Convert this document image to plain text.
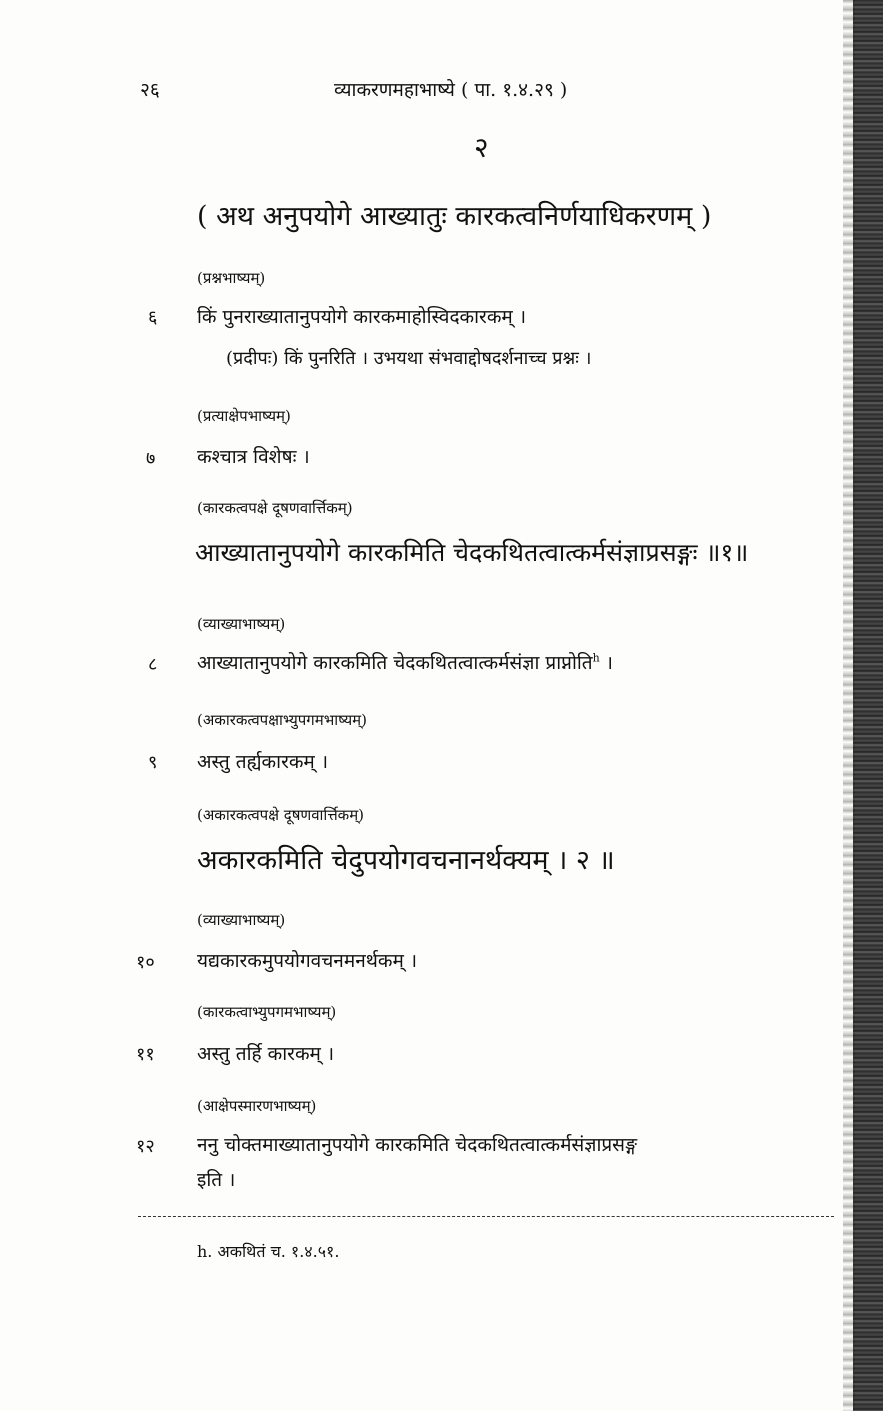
२६	व्याकरणमहाभाष्ये ( पा. १.४.२९ )
२
( अथ अनुपयोगे आख्यातुः कारकत्वनिर्णयाधिकरणम् )
(प्रश्नभाष्यम्)
६ किं पुनराख्यातानुपयोगे कारकमाहोस्विदकारकम् ।
(प्रदीपः) किं पुनरिति । उभयथा संभवाद्दोषदर्शनाच्च प्रश्नः ।
(प्रत्याक्षेपभाष्यम्)
७ कश्चात्र विशेषः ।
(कारकत्वपक्षे दूषणवार्त्तिकम्)
आख्यातानुपयोगे कारकमिति चेदकथितत्वात्कर्मसंज्ञाप्रसङ्गः ॥१॥
(व्याख्याभाष्यम्)
८ आख्यातानुपयोगे कारकमिति चेदकथितत्वात्कर्मसंज्ञा प्राप्नोति$^h$ ।
(अकारकत्वपक्षाभ्युपगमभाष्यम्)
९ अस्तु तर्ह्यकारकम् ।
(अकारकत्वपक्षे दूषणवार्त्तिकम्)
अकारकमिति चेदुपयोगवचनानर्थक्यम् । २ ॥
(व्याख्याभाष्यम्)
१० यद्यकारकमुपयोगवचनमनर्थकम् ।
(कारकत्वाभ्युपगमभाष्यम्)
११ अस्तु तर्हि कारकम् ।
(आक्षेपस्मारणभाष्यम्)
१२ ननु चोक्तमाख्यातानुपयोगे कारकमिति चेदकथितत्वात्कर्मसंज्ञाप्रसङ्ग
इति ।
h. अकथितं च. १.४.५१.
